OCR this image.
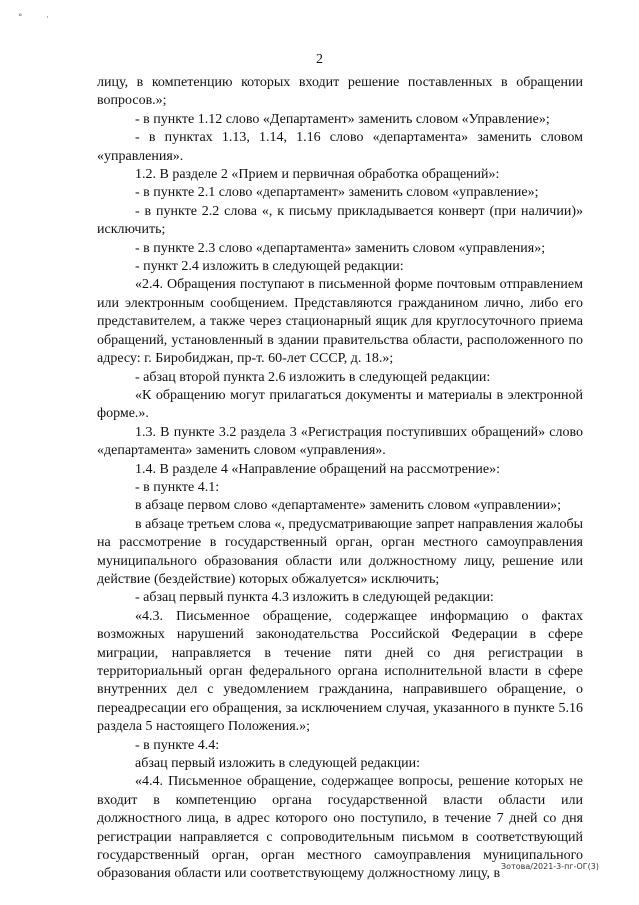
°	·
2

лицу, в компетенцию которых входит решение поставленных в обращении вопросов.»;

- в пункте 1.12 слово «Департамент» заменить словом «Управление»;

- в пунктах 1.13, 1.14, 1.16 слово «департамента» заменить словом «управления».

1.2. В разделе 2 «Прием и первичная обработка обращений»:

- в пункте 2.1 слово «департамент» заменить словом «управление»;

- в пункте 2.2 слова «, к письму прикладывается конверт (при наличии)» исключить;

- в пункте 2.3 слово «департамента» заменить словом «управления»;

- пункт 2.4 изложить в следующей редакции:

«2.4. Обращения поступают в письменной форме почтовым отправлением или электронным сообщением. Представляются гражданином лично, либо его представителем, а также через стационарный ящик для круглосуточного приема обращений, установленный в здании правительства области, расположенного по адресу: г. Биробиджан, пр-т. 60-лет СССР, д. 18.»;

- абзац второй пункта 2.6 изложить в следующей редакции:

«К обращению могут прилагаться документы и материалы в электронной форме.».

1.3. В пункте 3.2 раздела 3 «Регистрация поступивших обращений» слово «департамента» заменить словом «управления».

1.4. В разделе 4 «Направление обращений на рассмотрение»:

- в пункте 4.1:

в абзаце первом слово «департаменте» заменить словом «управлении»;

в абзаце третьем слова «, предусматривающие запрет направления жалобы на рассмотрение в государственный орган, орган местного самоуправления муниципального образования области или должностному лицу, решение или действие (бездействие) которых обжалуется» исключить;

- абзац первый пункта 4.3 изложить в следующей редакции:

«4.3. Письменное обращение, содержащее информацию о фактах возможных нарушений законодательства Российской Федерации в сфере миграции, направляется в течение пяти дней со дня регистрации в территориальный орган федерального органа исполнительной власти в сфере внутренних дел с уведомлением гражданина, направившего обращение, о переадресации его обращения, за исключением случая, указанного в пункте 5.16 раздела 5 настоящего Положения.»;

- в пункте 4.4:

абзац первый изложить в следующей редакции:

«4.4. Письменное обращение, содержащее вопросы, решение которых не входит в компетенцию органа государственной власти области или должностного лица, в адрес которого оно поступило, в течение 7 дней со дня регистрации направляется с сопроводительным письмом в соответствующий государственный орган, орган местного самоуправления муниципального образования области или соответствующему должностному лицу, в Зотова/2021-3-пг-ОГ(3)
